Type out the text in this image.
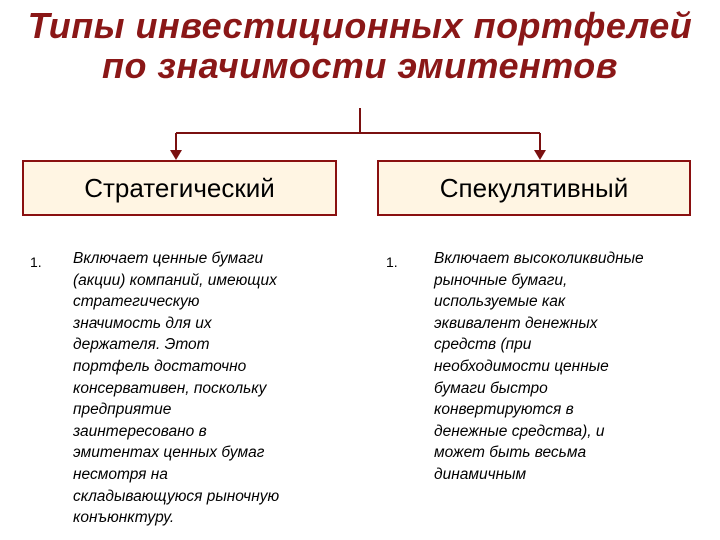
Типы инвестиционных портфелей
по значимости эмитентов
Стратегический	Спекулятивный
1. Включает ценные бумаги
(акции) компаний, имеющих
стратегическую
значимость для их
держателя. Этот
портфель достаточно
консервативен, поскольку
предприятие
заинтересовано в
эмитентах ценных бумаг
несмотря на
складывающуюся рыночную
конъюнктуру.
1. Включает высоколиквидные
рыночные бумаги,
используемые как
эквивалент денежных
средств (при
необходимости ценные
бумаги быстро
конвертируются в
денежные средства), и
может быть весьма
динамичным
